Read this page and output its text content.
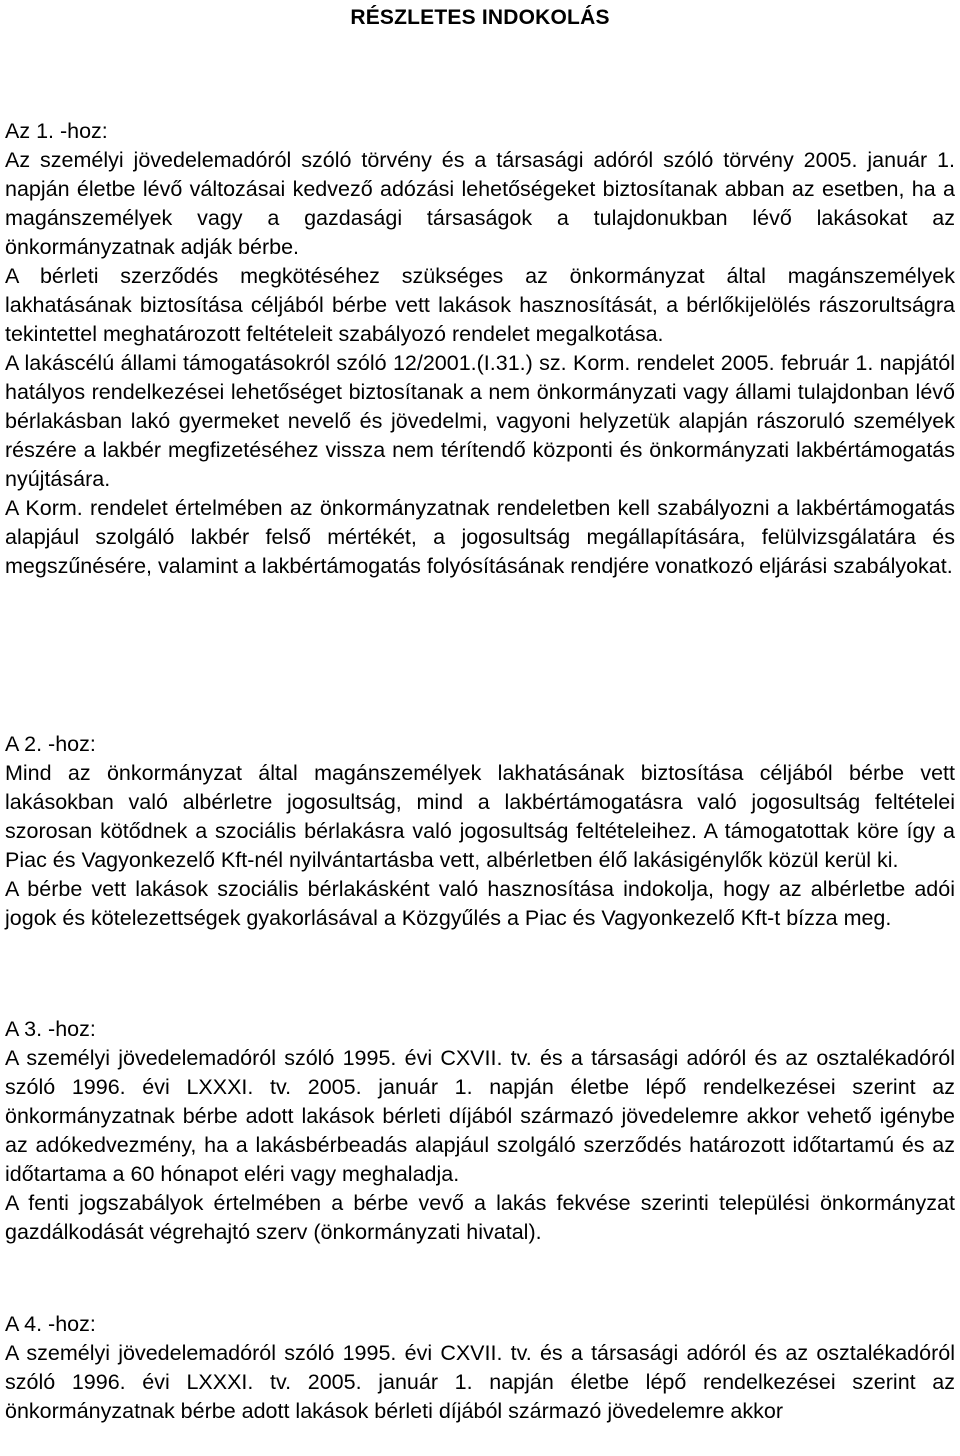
RÉSZLETES INDOKOLÁS
Az 1. -hoz:

Az személyi jövedelemadóról szóló törvény és a társasági adóról szóló törvény 2005. január 1. napján életbe lévő változásai kedvező adózási lehetőségeket biztosítanak abban az esetben, ha a magánszemélyek vagy a gazdasági társaságok a tulajdonukban lévő lakásokat az önkormányzatnak adják bérbe.

A bérleti szerződés megkötéséhez szükséges az önkormányzat által magánszemélyek lakhatásának biztosítása céljából bérbe vett lakások hasznosítását, a bérlőkijelölés rászorultságra tekintettel meghatározott feltételeit szabályozó rendelet megalkotása.

A lakáscélú állami támogatásokról szóló 12/2001.(I.31.) sz. Korm. rendelet 2005. február 1. napjától hatályos rendelkezései lehetőséget biztosítanak a nem önkormányzati vagy állami tulajdonban lévő bérlakásban lakó gyermeket nevelő és jövedelmi, vagyoni helyzetük alapján rászoruló személyek részére a lakbér megfizetéséhez vissza nem térítendő központi és önkormányzati lakbértámogatás nyújtására.

A Korm. rendelet értelmében az önkormányzatnak rendeletben kell szabályozni a lakbértámogatás alapjául szolgáló lakbér felső mértékét, a jogosultság megállapítására, felülvizsgálatára és megszűnésére, valamint a lakbértámogatás folyósításának rendjére vonatkozó eljárási szabályokat.

A 2. -hoz:

Mind az önkormányzat által magánszemélyek lakhatásának biztosítása céljából bérbe vett lakásokban való albérletre jogosultság, mind a lakbértámogatásra való jogosultság feltételei szorosan kötődnek a szociális bérlakásra való jogosultság feltételeihez. A támogatottak köre így a Piac és Vagyonkezelő Kft-nél nyilvántartásba vett, albérletben élő lakásigénylők közül kerül ki.

A bérbe vett lakások szociális bérlakásként való hasznosítása indokolja, hogy az albérletbe adói jogok és kötelezettségek gyakorlásával a Közgyűlés a Piac és Vagyonkezelő Kft-t bízza meg.

A 3. -hoz:

A személyi jövedelemadóról szóló 1995. évi CXVII. tv. és a társasági adóról és az osztalékadóról szóló 1996. évi LXXXI. tv. 2005. január 1. napján életbe lépő rendelkezései szerint az önkormányzatnak bérbe adott lakások bérleti díjából származó jövedelemre akkor vehető igénybe az adókedvezmény, ha a lakásbérbeadás alapjául szolgáló szerződés határozott időtartamú és az időtartama a 60 hónapot eléri vagy meghaladja.

A fenti jogszabályok értelmében a bérbe vevő a lakás fekvése szerinti települési önkormányzat gazdálkodását végrehajtó szerv (önkormányzati hivatal).

A 4. -hoz:

A személyi jövedelemadóról szóló 1995. évi CXVII. tv. és a társasági adóról és az osztalékadóról szóló 1996. évi LXXXI. tv. 2005. január 1. napján életbe lépő rendelkezései szerint az önkormányzatnak bérbe adott lakások bérleti díjából származó jövedelemre akkor
